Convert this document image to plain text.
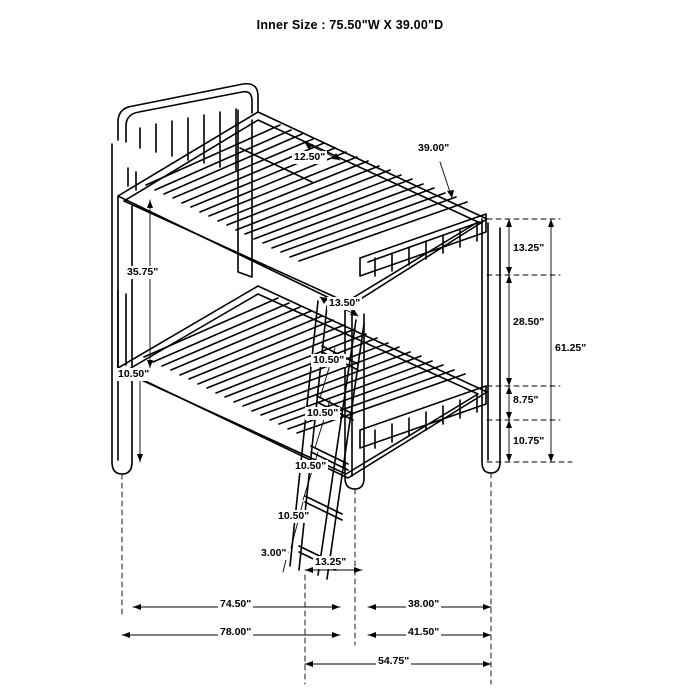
Inner Size : 75.50"W X 39.00"D
12.50"
39.00"
13.25"
35.75"
13.50"
28.50"
61.25"
10.50"
10.50"
10.50"
8.75"
10.75"
10.50"
10.50"
3.00"
13.25"
74.50"	38.00"
78.00"	41.50"
54.75"
